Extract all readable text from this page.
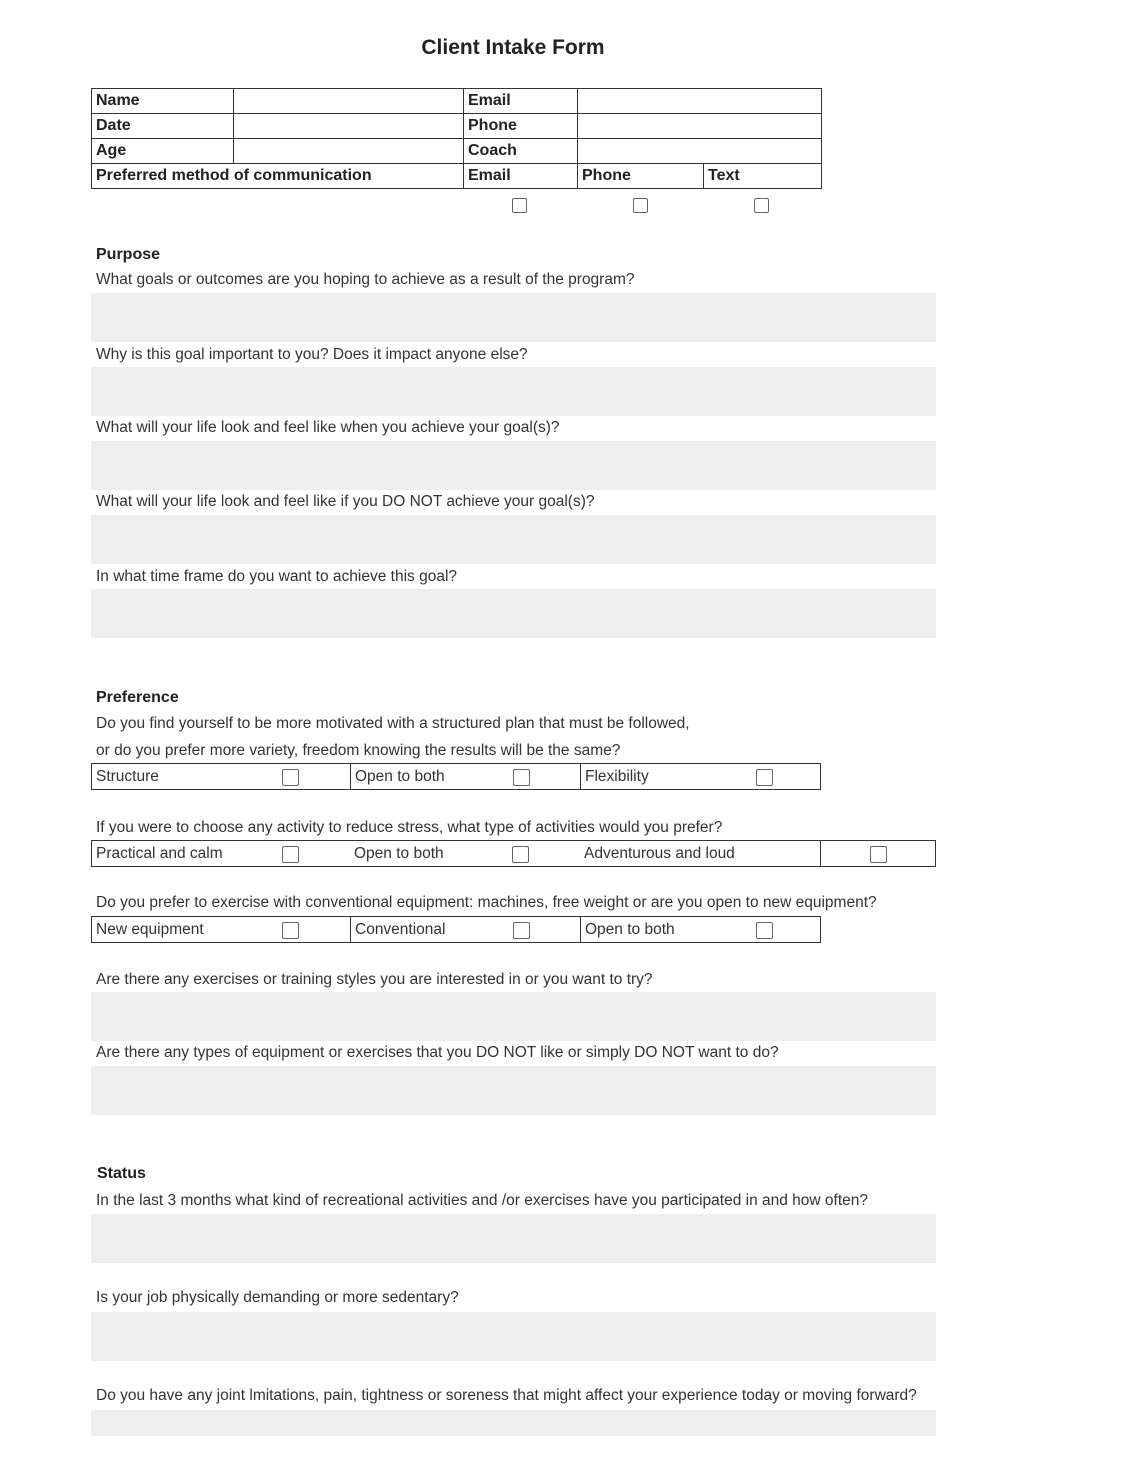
Client Intake Form
Name		Email		
Date		Phone		
Age		Coach		
Preferred method of communication		Email	Phone	Text
Purpose
What goals or outcomes are you hoping to achieve as a result of the program?
Why is this goal important to you? Does it impact anyone else?
What will your life look and feel like when you achieve your goal(s)?
What will your life look and feel like if you DO NOT achieve your goal(s)?
In what time frame do you want to achieve this goal?
Preference
Do you find yourself to be more motivated with a structured plan that must be followed,
or do you prefer more variety, freedom knowing the results will be the same?
Structure	Open to both	Flexibility
If you were to choose any activity to reduce stress, what type of activities would you prefer?
Practical and calm	Open to both	Adventurous and loud
Do you prefer to exercise with conventional equipment: machines, free weight or are you open to new equipment?
New equipment	Conventional	Open to both
Are there any exercises or training styles you are interested in or you want to try?
Are there any types of equipment or exercises that you DO NOT like or simply DO NOT want to do?
Status
In the last 3 months what kind of recreational activities and /or exercises have you participated in and how often?
Is your job physically demanding or more sedentary?
Do you have any joint lmitations, pain, tightness or soreness that might affect your experience today or moving forward?
